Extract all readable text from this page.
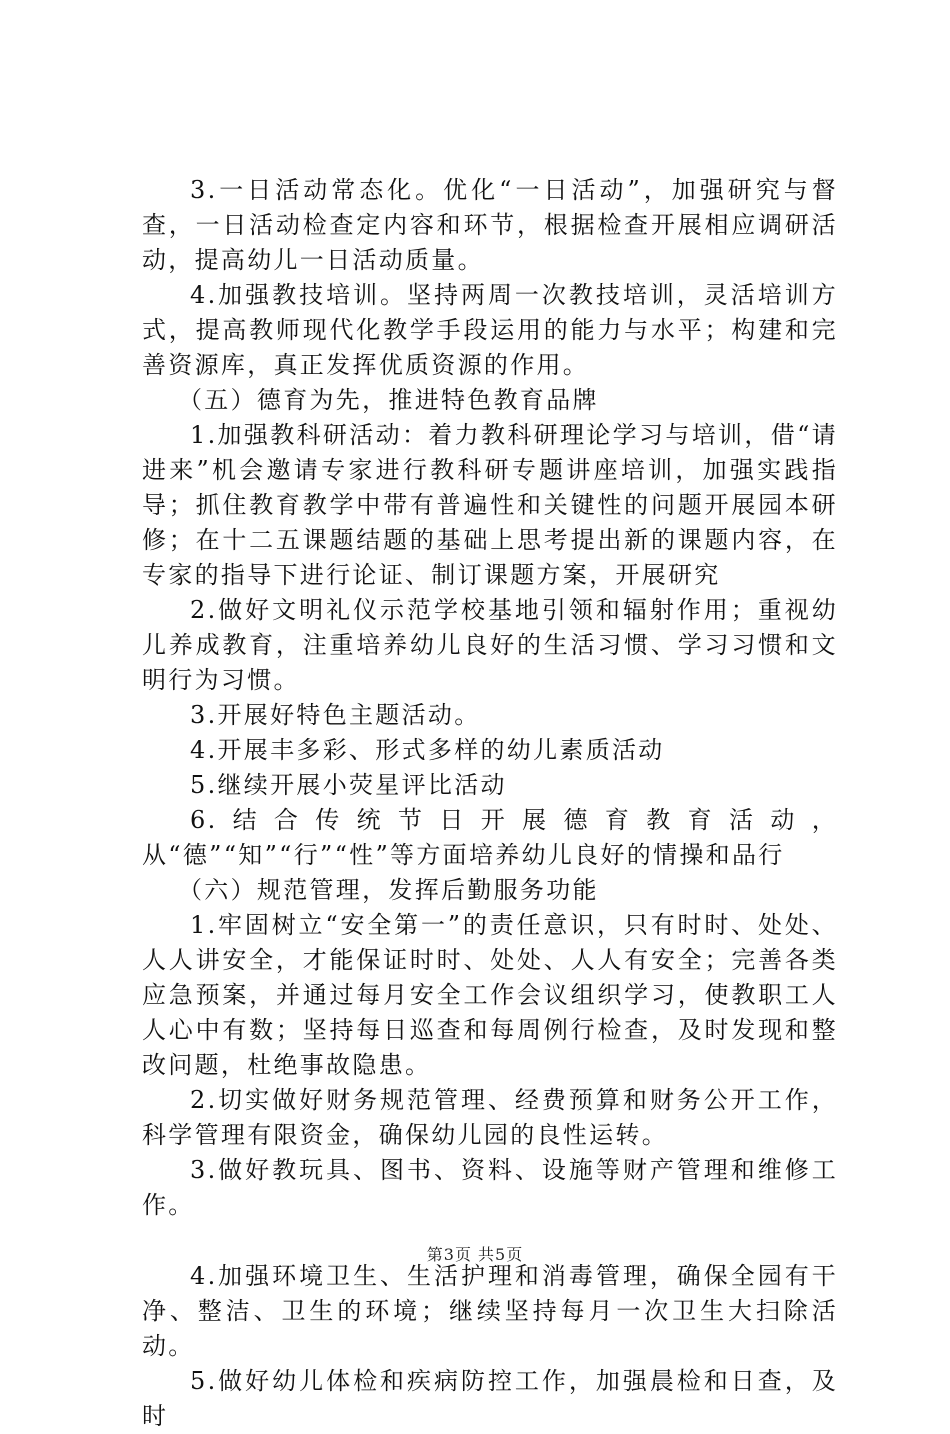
3.一日活动常态化。优化“一日活动”，加强研究与督查，一日活动检查定内容和环节，根据检查开展相应调研活动，提高幼儿一日活动质量。

4.加强教技培训。坚持两周一次教技培训，灵活培训方式，提高教师现代化教学手段运用的能力与水平；构建和完善资源库，真正发挥优质资源的作用。

（五）德育为先，推进特色教育品牌

1.加强教科研活动：着力教科研理论学习与培训，借“请进来”机会邀请专家进行教科研专题讲座培训，加强实践指导；抓住教育教学中带有普遍性和关键性的问题开展园本研修；在十二五课题结题的基础上思考提出新的课题内容，在专家的指导下进行论证、制订课题方案，开展研究

2.做好文明礼仪示范学校基地引领和辐射作用；重视幼儿养成教育，注重培养幼儿良好的生活习惯、学习习惯和文明行为习惯。

3.开展好特色主题活动。

4.开展丰多彩、形式多样的幼儿素质活动

5.继续开展小荧星评比活动

6.结合传统节日开展德育教育活动，从“德”“知”“行”“性”等方面培养幼儿良好的情操和品行

（六）规范管理，发挥后勤服务功能

1.牢固树立“安全第一”的责任意识，只有时时、处处、人人讲安全，才能保证时时、处处、人人有安全；完善各类应急预案，并通过每月安全工作会议组织学习，使教职工人人心中有数；坚持每日巡查和每周例行检查，及时发现和整改问题，杜绝事故隐患。

2.切实做好财务规范管理、经费预算和财务公开工作，科学管理有限资金，确保幼儿园的良性运转。

3.做好教玩具、图书、资料、设施等财产管理和维修工作。

4.加强环境卫生、生活护理和消毒管理，确保全园有干净、整洁、卫生的环境；继续坚持每月一次卫生大扫除活动。

5.做好幼儿体检和疾病防控工作，加强晨检和日查，及时

第3页 共5页
